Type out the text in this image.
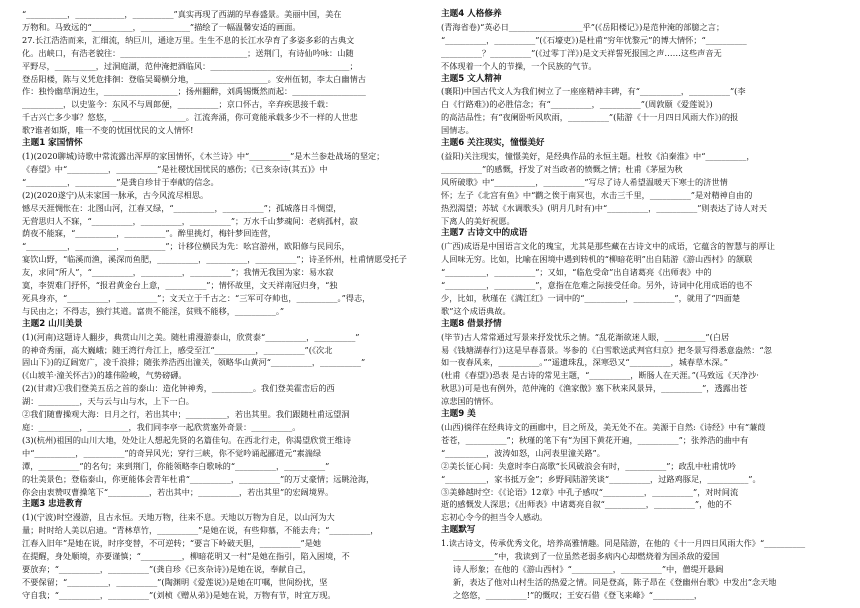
“__________，____________，__________”真实再现了西湖的早春盛景。美丽中国，美在
万物和。马致远的“__________，____________”描绘了一幅温馨安适的画面。
27.长江浩浩而来，汇细流，纳巨川，通途万里。生生不息的长江水孕育了多姿多彩的古典文
化。出峡口，有浩老貌往：_______________________________；送荆门，有诗仙吟咏：山随
平野尽，__________，过洞庭湖，范仲淹把酒临风：__________________________________；
登岳阳楼，陈与义凭危排徊：登临吴蜀横分地，__________________。安州伍韧，李太白幽情古
作：独怜幽草涧边生，__________________；扬州翻醉，刘禹锡慨然而起：__________________
__________，以史鉴今：东风不与周郎便，__________；京口怀古，辛弃疾思接千载：
千古兴亡多少事？悠悠，__________________。江流奔涌，你可竟能承载多少不一样的人世悲
歌?谁者如斯，唯一不变的忧国忧民的文人情怀!
主题1 家国情怀
(1)(2020聊城)诗歌中常流露出浑厚的家国情怀，《木兰诗》中“__________”是木兰参赴战场的坚定；
《春望》中“__________，__________”是社稷忧国忧民的感伤；《已亥杂诗(其五)》中
“__________，__________”是龚自珍甘于奉献的信念。
(2)(2020遂宁)从未家国一脉承，古今风流尽相思。
憾尽天涯惆怅在：北图山河，江春又绿，“__________，__________”；孤城落日斗惆望，
无营思归人不寐，“__________，__________，__________”；万水千山梦魂间：老病孤村，寂
荫夜不能寐，“__________，__________”。醉里挑灯，梅针梦回连营，
“__________，__________，__________”；计移位横民为先：吆宫游州，欧阳修与民同乐，
宴饮山野，“临溪而渔，溪深而鱼肥，__________，__________，__________”；诗圣怀州，杜甫情愿受托子
友，求同“所人”，“__________，__________，__________”；我情无我国为家：易水寂
寞，李贺难门抒怀，“报君黄金台上意，__________”；情怀故里，文天祥南冠归身，“独
死具身亦，“__________，__________”；文天立于千古之：“三军可夺帅也，__________。”得志，
与民由之；不得志，独行其道。富贵不能淫，贫贱不能移，__________。”
主题2 山川美景
(1)(河南)这题诗人翻步，典赏山川之美。随杜甫漫游泰山，欣赏泰“__________，__________”
的神奇秀丽，高大巍峨；随王湾行舟江上，感受至江“__________，__________”(《次北
固山下》)的辽阔宽广，凌千浪排；随张养浩西出潼关，领略华山黄河“__________，__________”
(《山坡羊·潼关怀古》)的雄伟险峻，气势磅礴。
(2)(甘肃)①我们登美五岳之首的泰山：造化钟神秀，__________。我们登美霍峦后的西
湖：__________，天与云与山与水，上下一白。
②我们随曹操观大海：日月之行，若出其中；__________，若出其里。我们跟随杜甫远望洞
庭：__________，__________，我们同李亭一起欣赏塞外奇景：__________。
(3)(杭州)祖国的山川大地，处处让人想起先贤的名篇佳句。在西北行走，你渴望欣赏王维诗
中“__________，__________”的奇异风光；穿行三峡，你不觉吟诵起郦道元“素湍绿
潭，__________”的名句；来到荆门，你能领略李白歌咏的“__________，__________”
的壮美景色；登临泰山，你更能体会青年杜甫“__________，__________”的万丈豪情；远眺沧海，
你会由衷赞叹曹操笔下“__________，若出其中；__________，若出其里”的宏阔境界。
主题3 忠进教育
(1)(宁波)时空漫游，且古永恒。天地万物，往来不息。天地以万物为自足，以山河为大
量；时时给人美以启迪。“青林草竹，__________”是她在说，有些仰慕，不能去舟；“__________，
江春入旧年”是她在说，时序变替，不可逆转；“要言下岭破天胆，__________”是她
在提醒，身处顺境，亦要谨慎；“__________，柳暗花明又一村”是她在指引，陷入困境，不
要放弃；“__________，__________”(龚自珍《已亥杂诗》)是她在说，奉献自己，
不要保留；“__________，__________”(陶渊明《爱莲说》)是她在叮嘱，世间纷扰，坚
守自我；“__________，__________”(刘桢《赠从弟》)是她在说，万物有节，时宜万现。
主题4 人格修养
(青海省卷)“英必日__________________乎”(《岳阳楼记》)是范仲淹的部臆之言；
“__________，__________”(《石壕吏》)是杜甫“穷年忧黎元”的博大情怀；“__________
__________？__________”(《过零丁洋》)是文天祥誓死报国之声……这些声音无
不体现着一个人的节操，一个民族的气节。
主题5 文人精神
(襄阳)中国古代文人为我们树立了一座座精神丰碑，有“__________，__________”(李
白《行路难》)的必胜信念；有“__________，__________”(周敦颐《爱莲说》)
的高洁品性；有“夜阑卧听风吹雨，__________”(陆游《十一月四日风雨大作》)的报
国情志。
主题6 关注现实，憧憬美好
(益阳)关注现实，憧憬美好，是经典作品的永恒主题。杜牧《泊秦淮》中“__________，
__________”的感慨，抒发了对当政者的愤慨之情；杜甫《茅屋为秋
风所破歌》中“__________，__________”写尽了诗人希望温暖天下寒士的济世情
怀；左子《北宫有鱼》中“鹳之俟于南冥也，水击三千里，__________”是对精神自由的
热烈渴望；苏轼《水调歌头》(明月几时有)中“__________，__________”则表达了诗人对天
下离人的美好祝愿。
主题7 古诗文中的成语
(广西)成语是中国语言文化的瑰宝，尤其是那些藏在古诗文中的成语，它蕴含的智慧与韵厚让
人回味无穷。比如，比喻在困境中遇到转机的“柳暗花明”出自陆游《游山西村》的颔联
“__________，__________”；又如，“临危受命”出自诸葛亮《出师表》中的
“__________，__________”，意指在危难之际接受任命。另外，诗词中化用成语的也不
少，比如，秋瑾在《满江红》一词中的“__________，__________”，就用了“四面楚
歌”这个成语典故。
主题8 借景抒情
(毕节)古人常常通过写景来抒发忧乐之情。“乱花渐欲迷人眼，__________”(白居
易《钱塘湖春行》)这是早春喜景。岑参的《白雪歌送武判官归京》把冬景写得悉意盎然：“忽
如一夜春风来，__________。”“遥遗珠乱，深寒恐又“__________，城春草木深。”
(杜甫《春望》)恐表 是古诗的常见主题，“__________，断肠人在天涯。”(马致远《天净沙·
秋思》)可是也有例外，范仲淹的《渔家傲》塞下秋来风景异，__________”，透露出苍
凉悲国的情怀。
主题9 美
(山西)徜徉在经典诗文的画廊中，目之所及，美无处不在。美源于自然:《诗经》中有“蒹葭
苍苍，__________”；秋瑾的笔下有“为国下黄花开遍，__________”；张养浩的曲中有
“__________，波涛如怒，山河表里潼关路”。
②美长征心间：失意时李白高歌“长风破浪会有时，__________”；政乱中杜甫忧吟
“__________，家书抵万金”；乡野间陆游笑谈“__________，过路鸡豚足，__________”。
③美蜂越时空：《《论语》12章》中孔子感叹“__________，__________”，对时间流
逝的感慨发人深思；《出师表》中诸葛亮自叙“__________，__________”，他的不
忘初心令今的担当令人感动。
主题默写
1.读古诗文，传承优秀文化，培养高雅情趣。同是陆游，在他的《十一月四日风雨大作》“__________
__________”中，我读到了一位虽然老弱多病内心却燃烧着为国杀敌的爱国
诗人形象；在他的《游山西村》“__________，__________”中，僧缇开悬阔
新，表达了他对山村生活的热爱之情。同是登高，陈子昂在《登幽州台歌》中发出“念天地
之悠悠，__________!”的慨叹；王安石借《登飞来峰》“__________，
